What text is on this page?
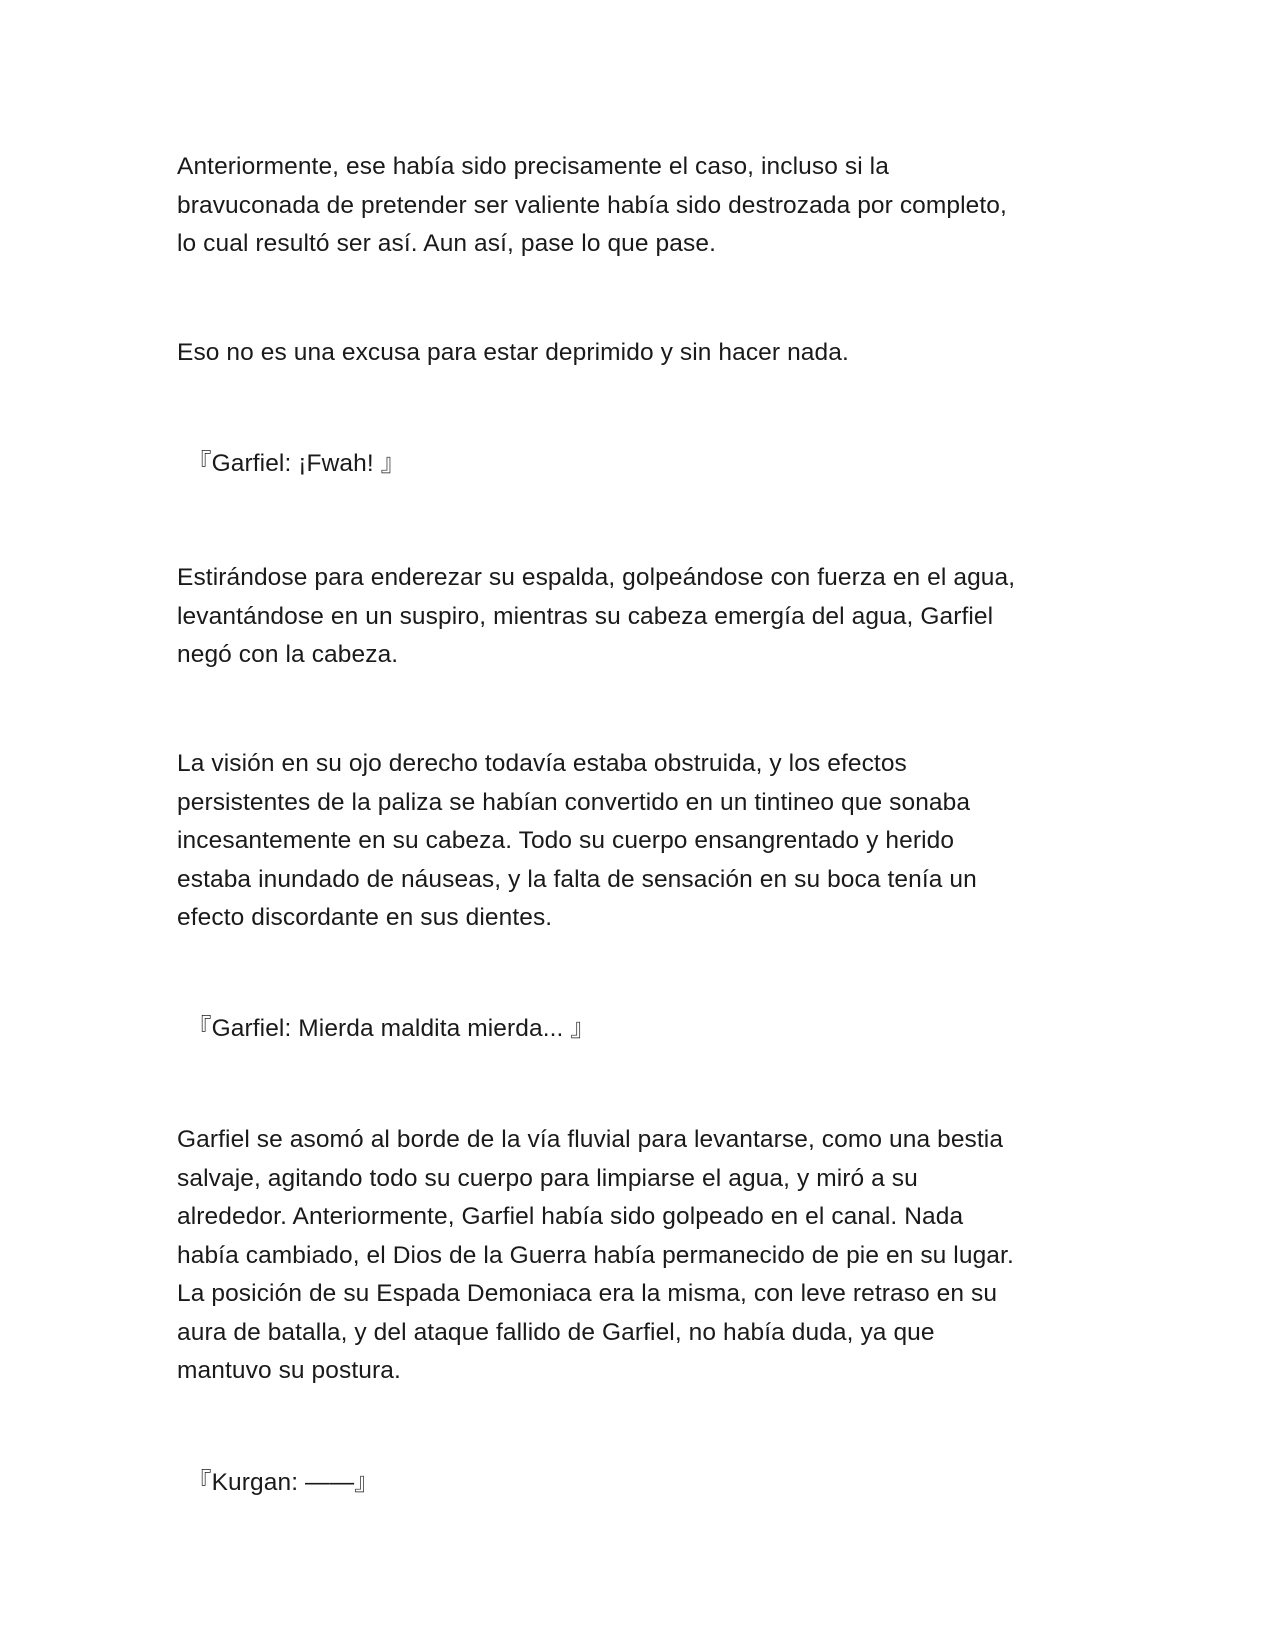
Anteriormente, ese había sido precisamente el caso, incluso si la
bravuconada de pretender ser valiente había sido destrozada por completo,
lo cual resultó ser así. Aun así, pase lo que pase.

Eso no es una excusa para estar deprimido y sin hacer nada.

『Garfiel: ¡Fwah! 』

Estirándose para enderezar su espalda, golpeándose con fuerza en el agua,
levantándose en un suspiro, mientras su cabeza emergía del agua, Garfiel
negó con la cabeza.

La visión en su ojo derecho todavía estaba obstruida, y los efectos
persistentes de la paliza se habían convertido en un tintineo que sonaba
incesantemente en su cabeza. Todo su cuerpo ensangrentado y herido
estaba inundado de náuseas, y la falta de sensación en su boca tenía un
efecto discordante en sus dientes.

『Garfiel: Mierda maldita mierda... 』

Garfiel se asomó al borde de la vía fluvial para levantarse, como una bestia
salvaje, agitando todo su cuerpo para limpiarse el agua, y miró a su
alrededor. Anteriormente, Garfiel había sido golpeado en el canal. Nada
había cambiado, el Dios de la Guerra había permanecido de pie en su lugar.
La posición de su Espada Demoniaca era la misma, con leve retraso en su
aura de batalla, y del ataque fallido de Garfiel, no había duda, ya que
mantuvo su postura.

『Kurgan: ——』
